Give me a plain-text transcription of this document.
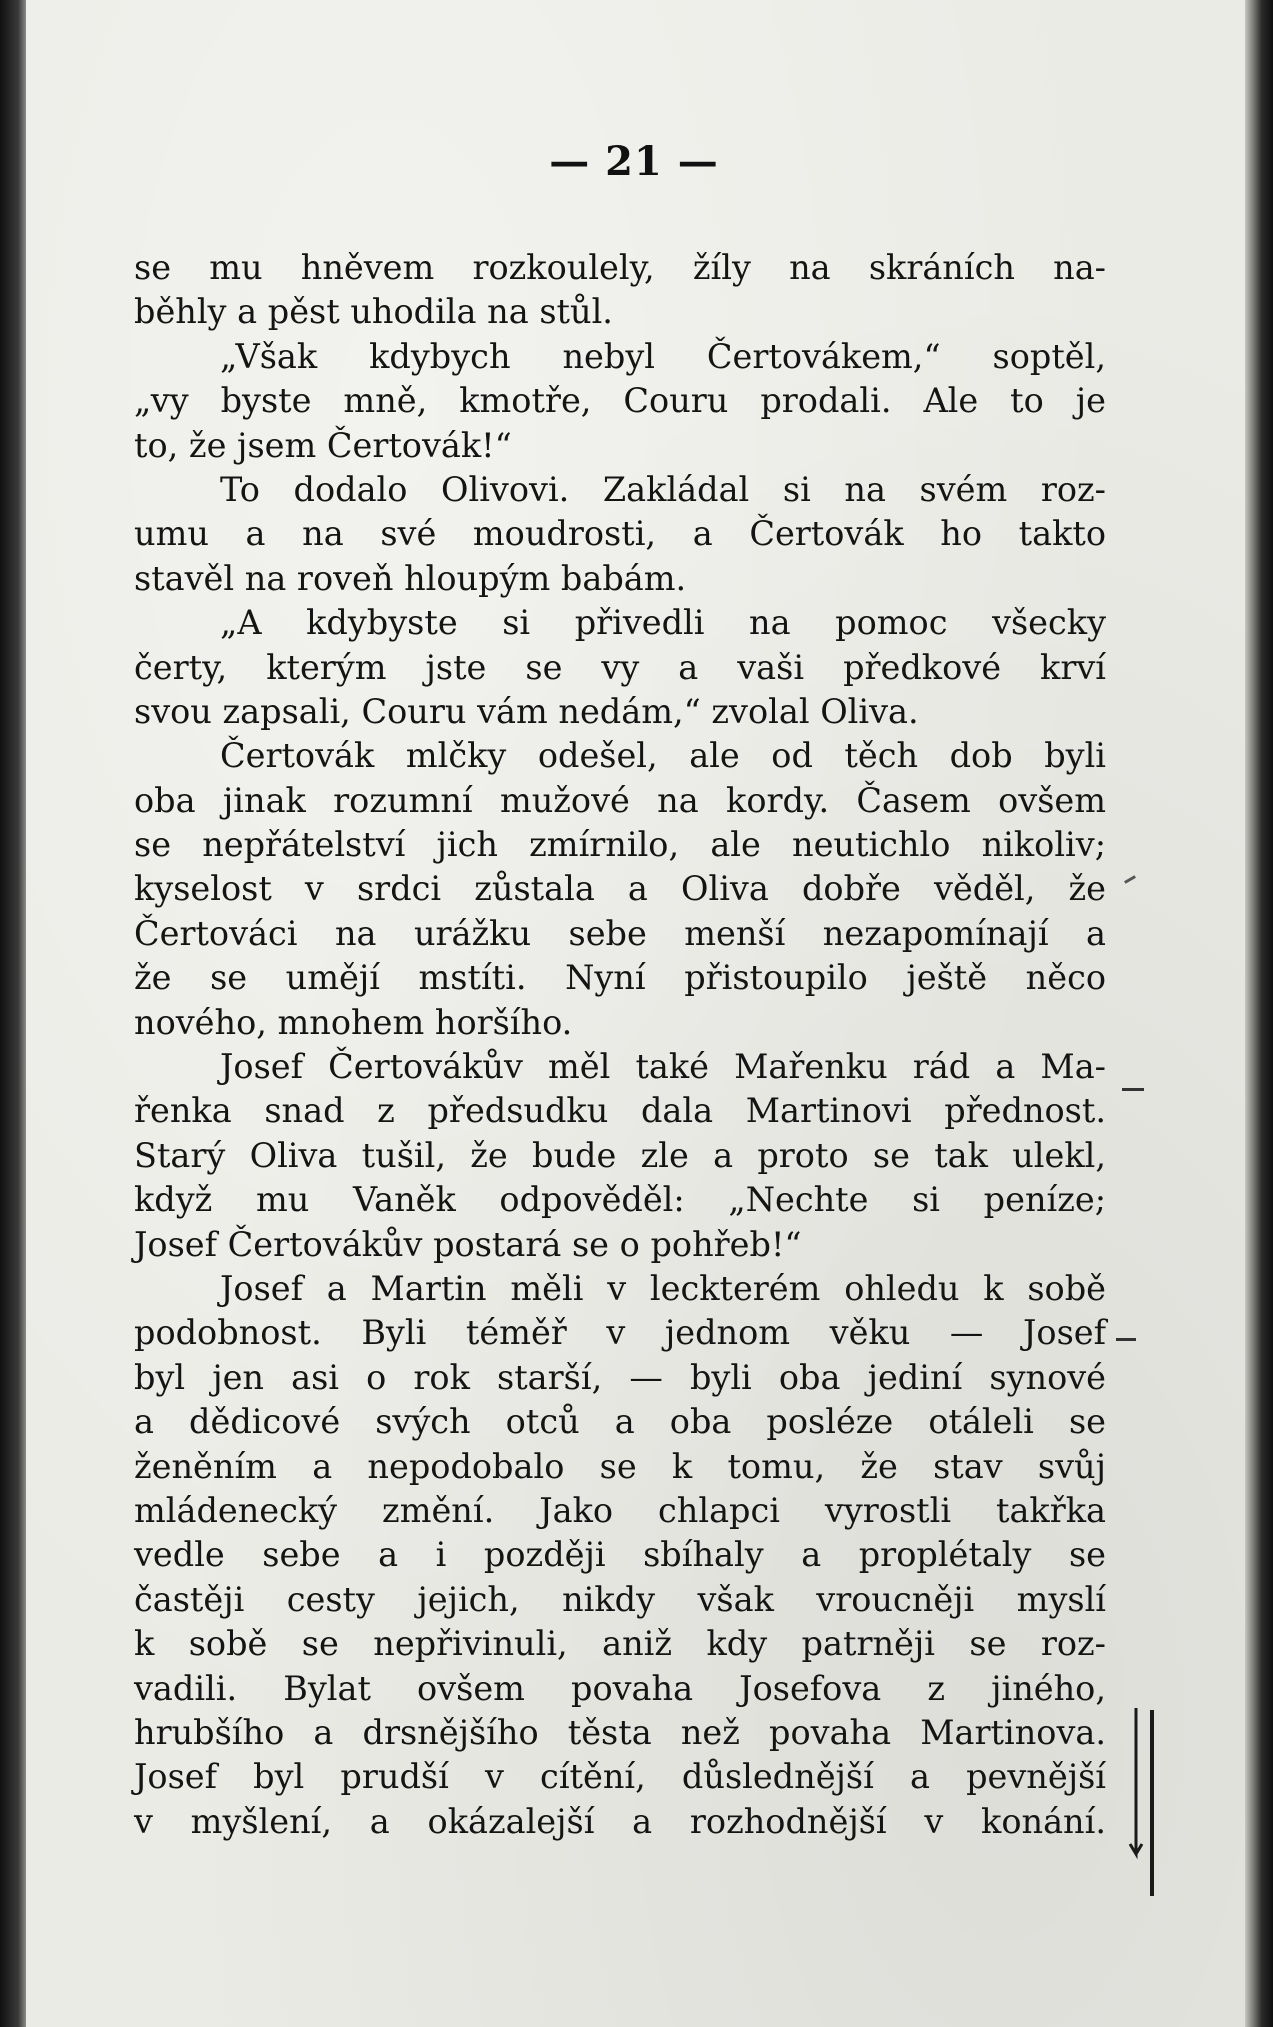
— 21 —
se mu hněvem rozkoulely, žíly na skráních na-
běhly a pěst uhodila na stůl.
„Však kdybych nebyl Čertovákem,“ soptěl,
„vy byste mně, kmotře, Couru prodali. Ale to je
to, že jsem Čertovák!“
To dodalo Olivovi. Zakládal si na svém roz-
umu a na své moudrosti, a Čertovák ho takto
stavěl na roveň hloupým babám.
„A kdybyste si přivedli na pomoc všecky
čerty, kterým jste se vy a vaši předkové krví
svou zapsali, Couru vám nedám,“ zvolal Oliva.
Čertovák mlčky odešel, ale od těch dob byli
oba jinak rozumní mužové na kordy. Časem ovšem
se nepřátelství jich zmírnilo, ale neutichlo nikoliv;
kyselost v srdci zůstala a Oliva dobře věděl, že
Čertováci na urážku sebe menší nezapomínají a
že se umějí mstíti. Nyní přistoupilo ještě něco
nového, mnohem horšího.
Josef Čertovákův měl také Mařenku rád a Ma-
řenka snad z předsudku dala Martinovi přednost.
Starý Oliva tušil, že bude zle a proto se tak ulekl,
když mu Vaněk odpověděl: „Nechte si peníze;
Josef Čertovákův postará se o pohřeb!“
Josef a Martin měli v leckterém ohledu k sobě
podobnost. Byli téměř v jednom věku — Josef
byl jen asi o rok starší, — byli oba jediní synové
a dědicové svých otců a oba posléze otáleli se
ženěním a nepodobalo se k tomu, že stav svůj
mládenecký změní. Jako chlapci vyrostli takřka
vedle sebe a i později sbíhaly a proplétaly se
častěji cesty jejich, nikdy však vroucněji myslí
k sobě se nepřivinuli, aniž kdy patrněji se roz-
vadili. Bylat ovšem povaha Josefova z jiného,
hrubšího a drsnějšího těsta než povaha Martinova.
Josef byl prudší v cítění, důslednější a pevnější
v myšlení, a okázalejší a rozhodnější v konání.
